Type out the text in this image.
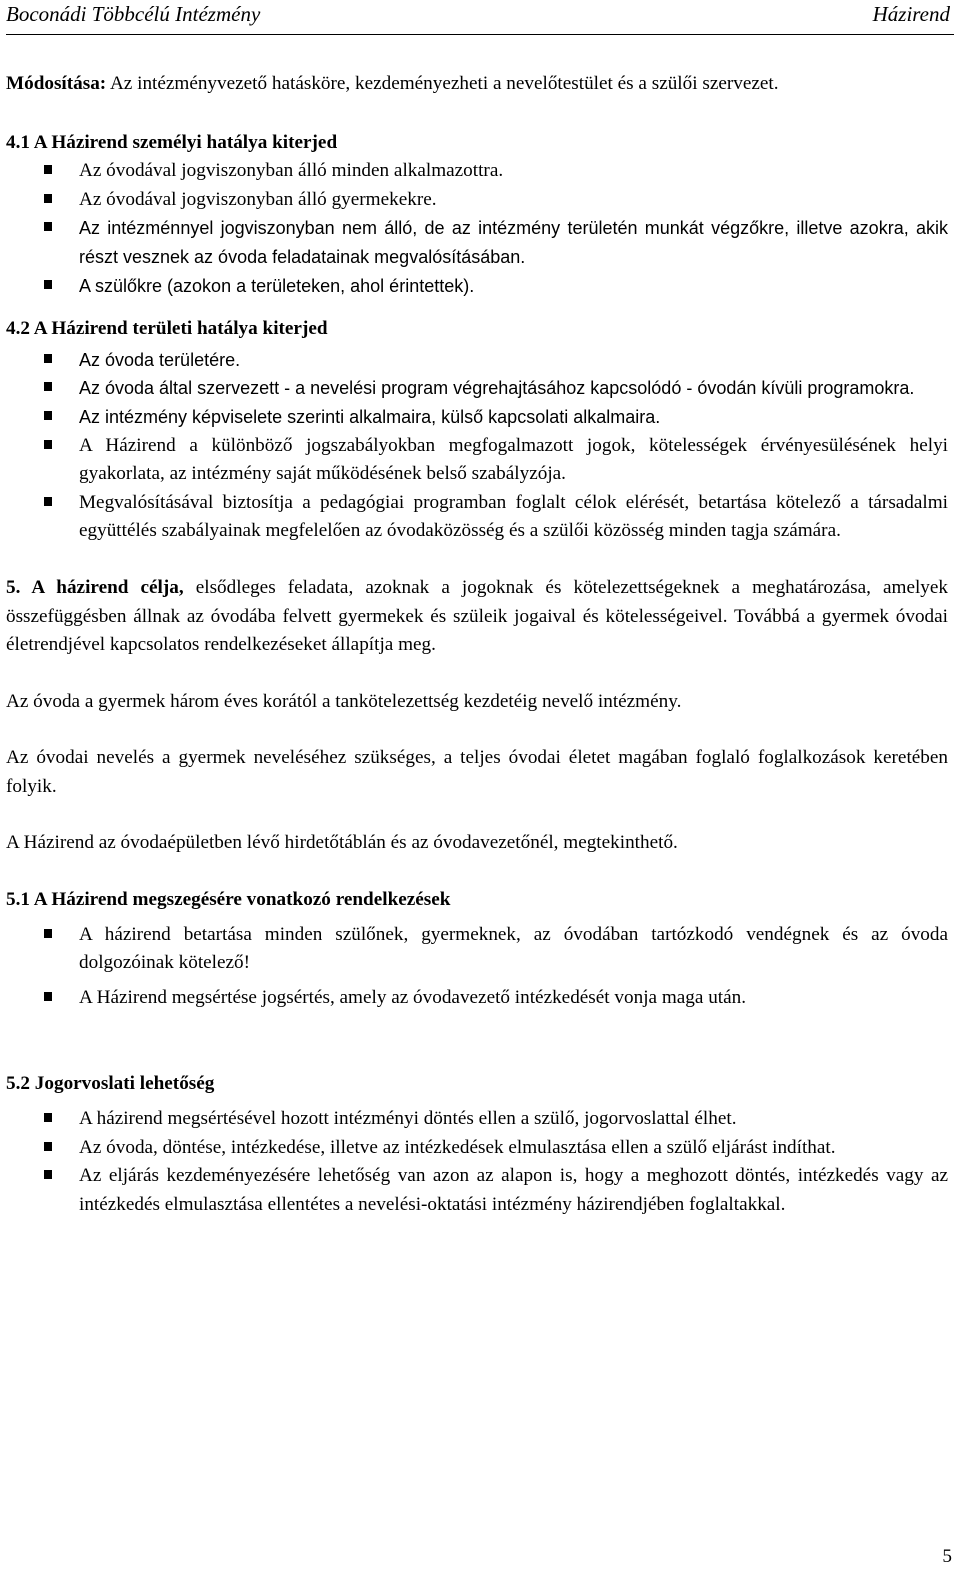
Boconádi Többcélú Intézmény	Házirend

Módosítása: Az intézményvezető hatásköre, kezdeményezheti a nevelőtestület és a szülői szervezet.

4.1 A Házirend személyi hatálya kiterjed

Az óvodával jogviszonyban álló minden alkalmazottra.
Az óvodával jogviszonyban álló gyermekekre.
Az intézménnyel jogviszonyban nem álló, de az intézmény területén munkát végzőkre, illetve azokra, akik részt vesznek az óvoda feladatainak megvalósításában.
A szülőkre (azokon a területeken, ahol érintettek).

4.2 A Házirend területi hatálya kiterjed

Az óvoda területére.
Az óvoda által szervezett - a nevelési program végrehajtásához kapcsolódó - óvodán kívüli programokra.
Az intézmény képviselete szerinti alkalmaira, külső kapcsolati alkalmaira.
A Házirend a különböző jogszabályokban megfogalmazott jogok, kötelességek érvényesülésének helyi gyakorlata, az intézmény saját működésének belső szabályzója.
Megvalósításával biztosítja a pedagógiai programban foglalt célok elérését, betartása kötelező a társadalmi együttélés szabályainak megfelelően az óvodaközösség és a szülői közösség minden tagja számára.

5. A házirend célja, elsődleges feladata, azoknak a jogoknak és kötelezettségeknek a meghatározása, amelyek összefüggésben állnak az óvodába felvett gyermekek és szüleik jogaival és kötelességeivel. Továbbá a gyermek óvodai életrendjével kapcsolatos rendelkezéseket állapítja meg.

Az óvoda a gyermek három éves korától a tankötelezettség kezdetéig nevelő intézmény.

Az óvodai nevelés a gyermek neveléséhez szükséges, a teljes óvodai életet magában foglaló foglalkozások keretében folyik.

A Házirend az óvodaépületben lévő hirdetőtáblán és az óvodavezetőnél, megtekinthető.

5.1 A Házirend megszegésére vonatkozó rendelkezések

A házirend betartása minden szülőnek, gyermeknek, az óvodában tartózkodó vendégnek és az óvoda dolgozóinak kötelező!
A Házirend megsértése jogsértés, amely az óvodavezető intézkedését vonja maga után.

5.2 Jogorvoslati lehetőség

A házirend megsértésével hozott intézményi döntés ellen a szülő, jogorvoslattal élhet.
Az óvoda, döntése, intézkedése, illetve az intézkedések elmulasztása ellen a szülő eljárást indíthat.
Az eljárás kezdeményezésére lehetőség van azon az alapon is, hogy a meghozott döntés, intézkedés vagy az intézkedés elmulasztása ellentétes a nevelési-oktatási intézmény házirendjében foglaltakkal.
5
